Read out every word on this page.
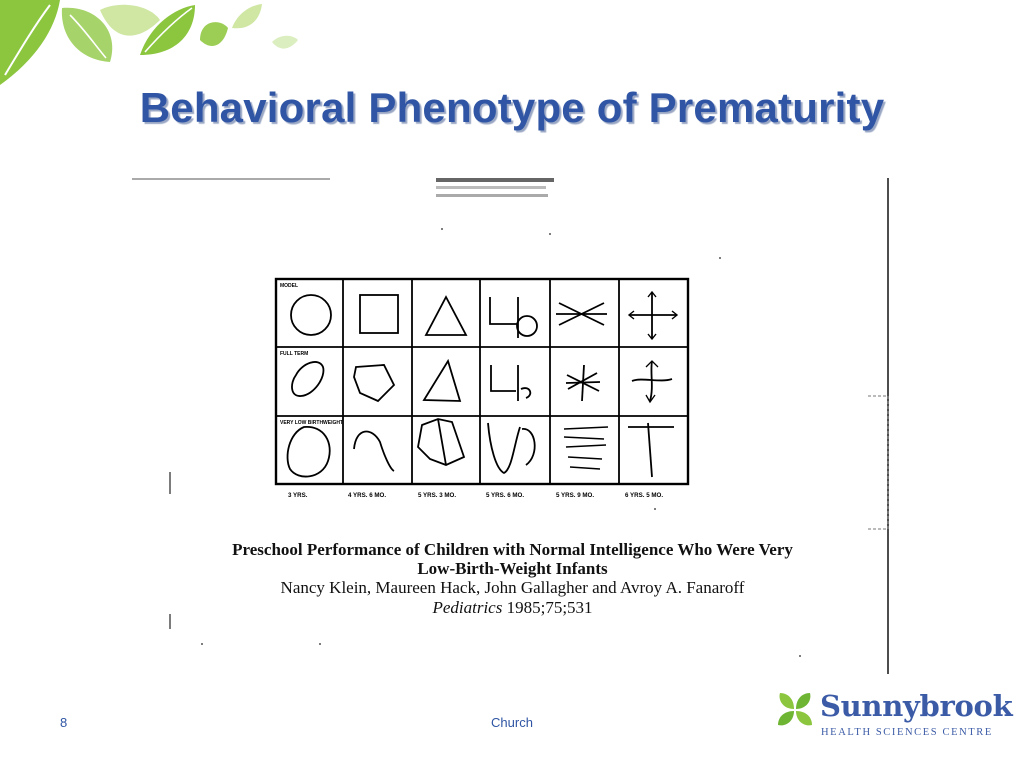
Behavioral Phenotype of Prematurity
MODEL
FULL TERM
VERY LOW BIRTHWEIGHT
3 YRS.	4 YRS. 6 MO.	5 YRS. 3 MO.	5 YRS. 6 MO.	5 YRS. 9 MO.	6 YRS. 5 MO.
Preschool Performance of Children with Normal Intelligence Who Were Very
Low-Birth-Weight Infants
Nancy Klein, Maureen Hack, John Gallagher and Avroy A. Fanaroff
Pediatrics 1985;75;531
8	Church	Sunnybrook
HEALTH SCIENCES CENTRE
